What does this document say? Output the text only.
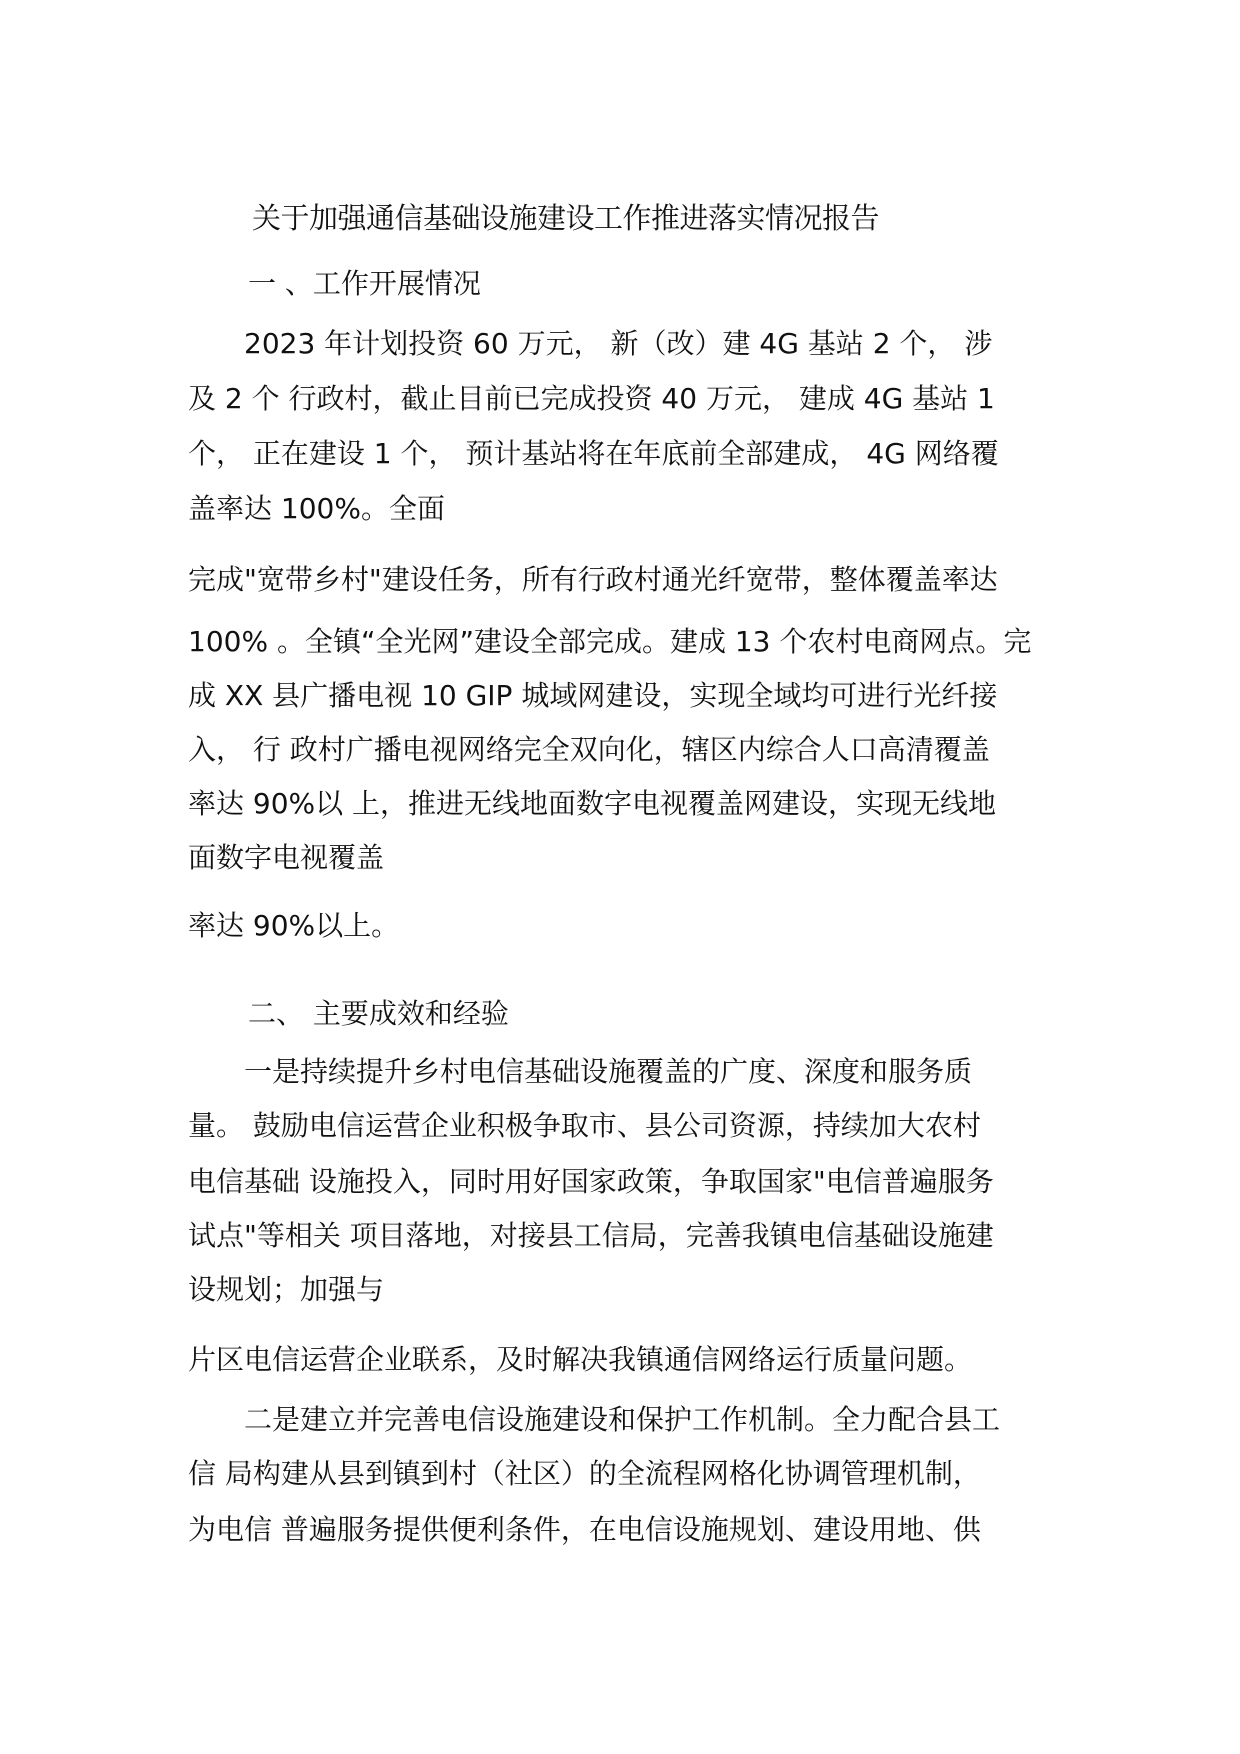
关于加强通信基础设施建设工作推进落实情况报告
一 、工作开展情况
2023 年计划投资 60 万元， 新（改）建 4G 基站 2 个， 涉
及 2 个 行政村，截止目前已完成投资 40 万元， 建成 4G 基站 1
个， 正在建设 1 个， 预计基站将在年底前全部建成， 4G 网络覆
盖率达 100%。全面
完成"宽带乡村"建设任务，所有行政村通光纤宽带，整体覆盖率达
100% 。全镇“全光网”建设全部完成。建成 13 个农村电商网点。完
成 XX 县广播电视 10 GIP 城域网建设，实现全域均可进行光纤接
入， 行 政村广播电视网络完全双向化，辖区内综合人口高清覆盖
率达 90%以 上，推进无线地面数字电视覆盖网建设，实现无线地
面数字电视覆盖
率达 90%以上。
二、 主要成效和经验
一是持续提升乡村电信基础设施覆盖的广度、深度和服务质
量。 鼓励电信运营企业积极争取市、县公司资源，持续加大农村
电信基础 设施投入，同时用好国家政策，争取国家"电信普遍服务
试点"等相关 项目落地，对接县工信局，完善我镇电信基础设施建
设规划；加强与
片区电信运营企业联系，及时解决我镇通信网络运行质量问题。
二是建立并完善电信设施建设和保护工作机制。全力配合县工
信 局构建从县到镇到村（社区）的全流程网格化协调管理机制，
为电信 普遍服务提供便利条件，在电信设施规划、建设用地、供
